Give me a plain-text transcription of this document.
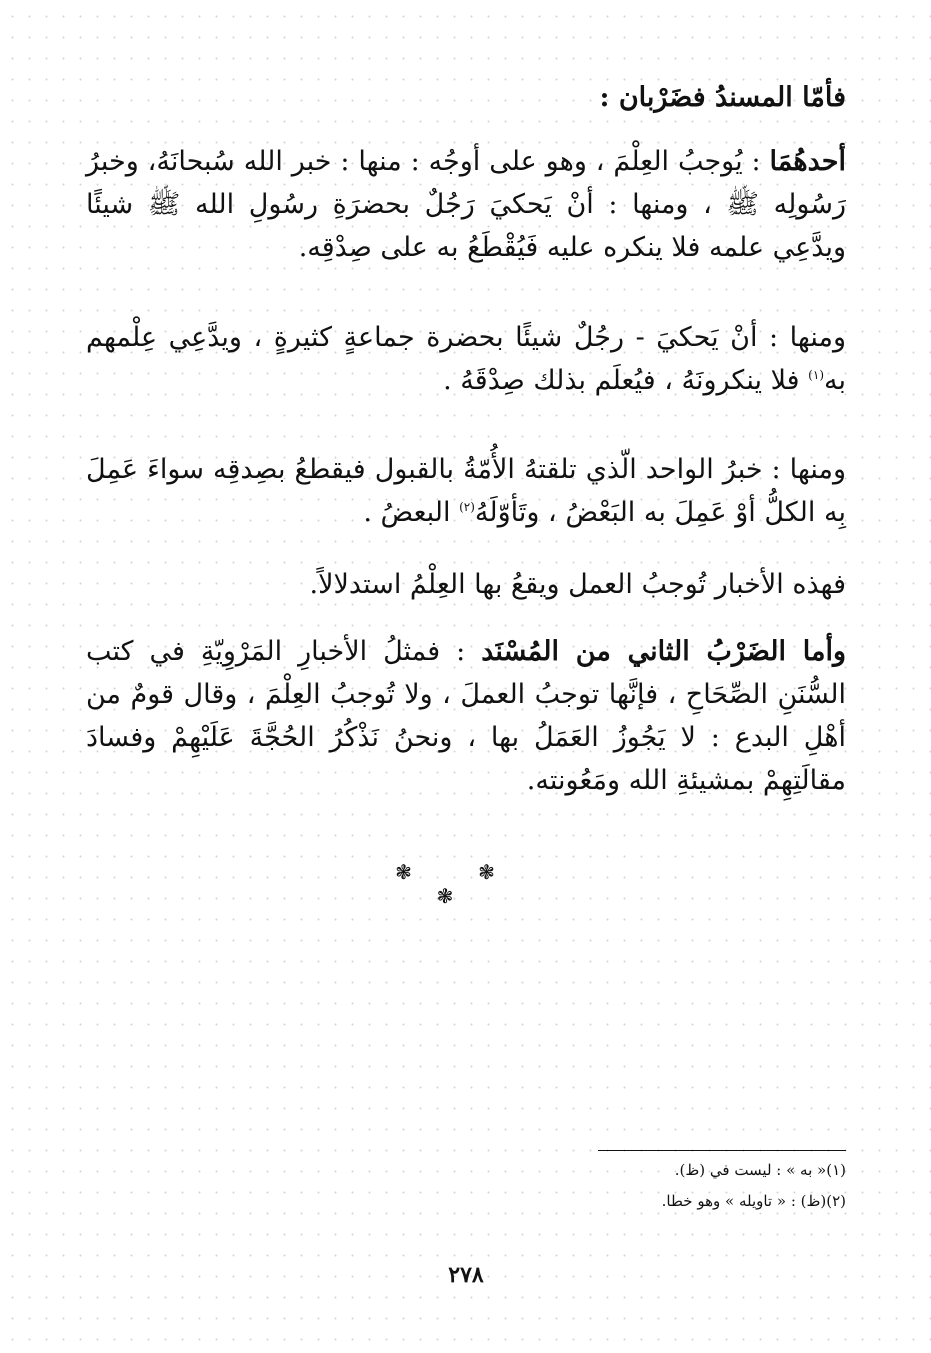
فأمّا المسندُ فضَرْبان :

أحدهُمَا : يُوجبُ العِلْمَ ، وهو على أوجُه : منها : خبر الله سُبحانَهُ، وخبرُ رَسُولِه ﷺ ، ومنها : أنْ يَحكيَ رَجُلٌ بحضرَةِ رسُولِ الله ﷺ شيئًا ويدَّعِي علمه فلا ينكره عليه فَيُقْطَعُ به على صِدْقِه.

ومنها : أنْ يَحكيَ - رجُلٌ شيئًا بحضرة جماعةٍ كثيرةٍ ، ويدَّعِي عِلْمهم به$^{(١)}$ فلا ينكرونَهُ ، فيُعلَم بذلك صِدْقَهُ .

ومنها : خبرُ الواحد الّذي تلقتهُ الأُمّةُ بالقبول فيقطعُ بصِدقِه سواءَ عَمِلَ بِه الكلُّ أوْ عَمِلَ به البَعْضُ ، وتَأوّلَهُ$^{(٢)}$ البعضُ .

فهذه الأخبار تُوجبُ العمل ويقعُ بها العِلْمُ استدلالاً.

وأما الضَرْبُ الثاني من المُسْنَد : فمثلُ الأخبارِ المَرْوِيّةِ في كتب السُّنَنِ الصِّحَاحِ ، فإنَّها توجبُ العملَ ، ولا تُوجبُ العِلْمَ ، وقال قومٌ من أهْلِ البدع : لا يَجُوزُ العَمَلُ بها ، ونحنُ نَذْكُرُ الحُجَّةَ عَلَيْهِمْ وفسادَ مقالَتِهِمْ بمشيئةِ الله ومَعُونته.

❃ ❃ ❃

(١)« به » : ليست في (ظ).
(٢)(ظ) : « تاويله » وهو خطا.

٢٧٨
